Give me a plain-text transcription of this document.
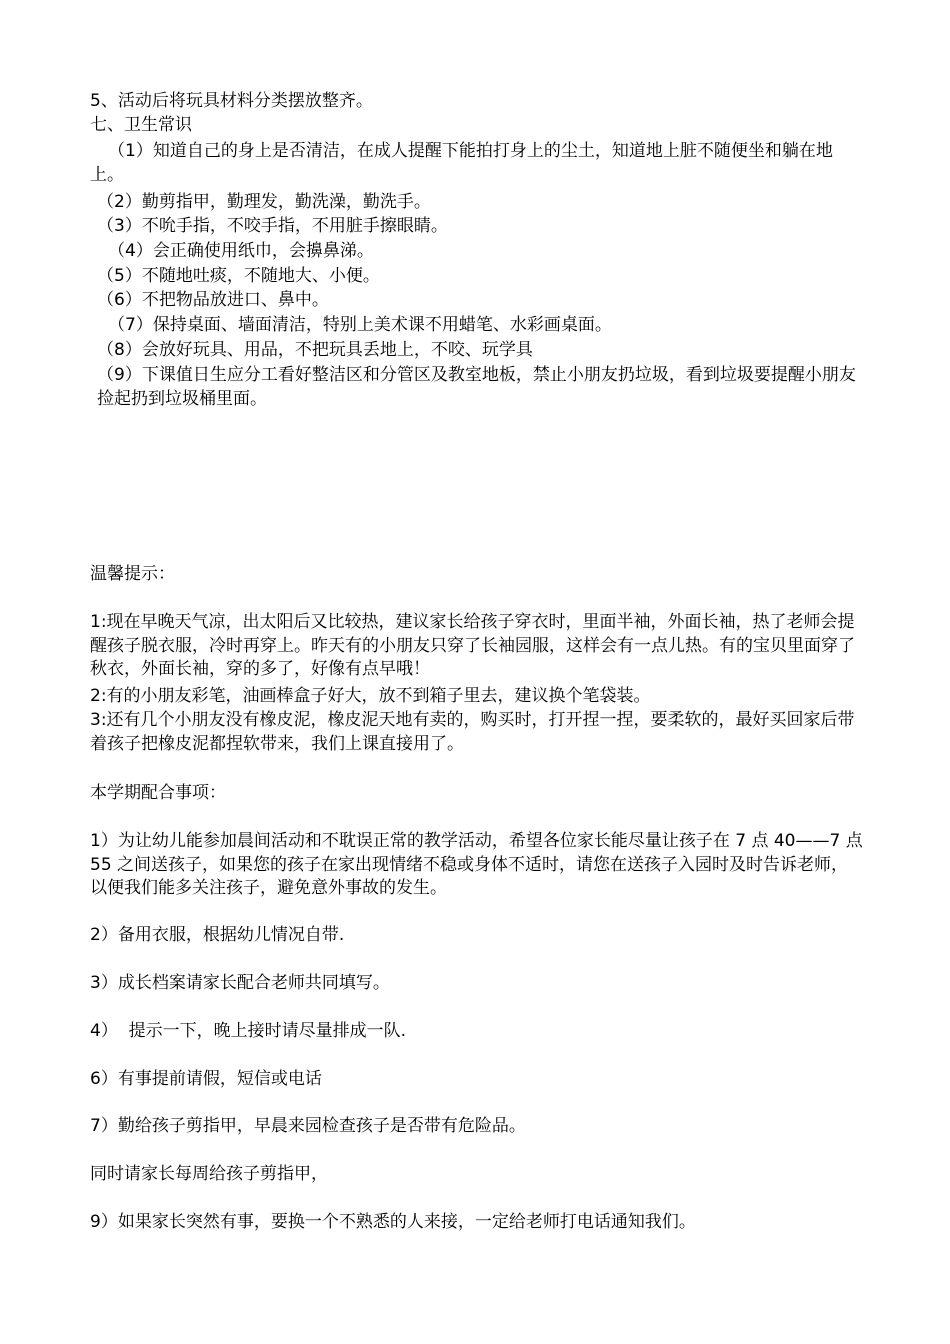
5、活动后将玩具材料分类摆放整齐。

七、卫生常识

（1）知道自己的身上是否清洁，在成人提醒下能拍打身上的尘土，知道地上脏不随便坐和躺在地上。

（2）勤剪指甲，勤理发，勤洗澡，勤洗手。

（3）不吮手指，不咬手指，不用脏手擦眼睛。

（4）会正确使用纸巾，会擤鼻涕。

（5）不随地吐痰，不随地大、小便。

（6）不把物品放进口、鼻中。

（7）保持桌面、墙面清洁，特别上美术课不用蜡笔、水彩画桌面。

（8）会放好玩具、用品，不把玩具丢地上，不咬、玩学具

（9）下课值日生应分工看好整洁区和分管区及教室地板，禁止小朋友扔垃圾，看到垃圾要提醒小朋友捡起扔到垃圾桶里面。

温馨提示：

1:现在早晚天气凉，出太阳后又比较热，建议家长给孩子穿衣时，里面半袖，外面长袖，热了老师会提醒孩子脱衣服，冷时再穿上。昨天有的小朋友只穿了长袖园服，这样会有一点儿热。有的宝贝里面穿了秋衣，外面长袖，穿的多了，好像有点早哦！

2:有的小朋友彩笔，油画棒盒子好大，放不到箱子里去，建议换个笔袋装。

3:还有几个小朋友没有橡皮泥，橡皮泥天地有卖的，购买时，打开捏一捏，要柔软的，最好买回家后带着孩子把橡皮泥都捏软带来，我们上课直接用了。

本学期配合事项：

1）为让幼儿能参加晨间活动和不耽误正常的教学活动，希望各位家长能尽量让孩子在 7 点 40——7 点 55 之间送孩子，如果您的孩子在家出现情绪不稳或身体不适时，请您在送孩子入园时及时告诉老师，以便我们能多关注孩子，避免意外事故的发生。

2）备用衣服，根据幼儿情况自带.

3）成长档案请家长配合老师共同填写。

4）  提示一下，晚上接时请尽量排成一队.

6）有事提前请假，短信或电话

7）勤给孩子剪指甲，早晨来园检查孩子是否带有危险品。

同时请家长每周给孩子剪指甲，

9）如果家长突然有事，要换一个不熟悉的人来接，一定给老师打电话通知我们。
